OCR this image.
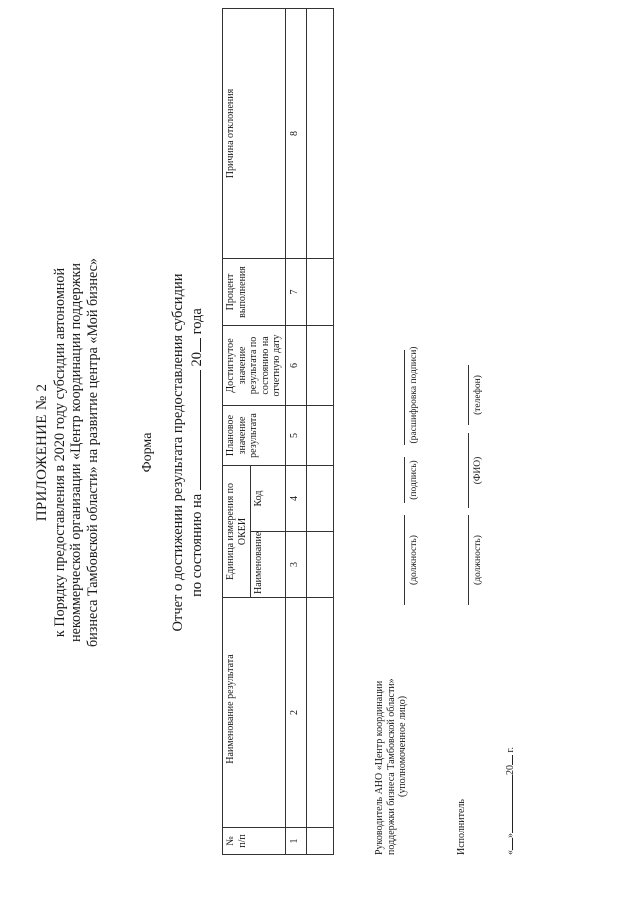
ПРИЛОЖЕНИЕ № 2 к Порядку предоставления в 2020 году субсидии автономной некоммерческой организации «Центр координации поддержки бизнеса Тамбовской области» на развитие центра «Мой бизнес»	Форма Отчет о достижении результата предоставления субсидии по состоянию на  20 года
№ п/п	Наименование результата	Единица измерения по ОКЕИ		Плановое значение результата	Достигнутое значение результата по состоянию на отчетную дату	Процент выполнения	Причина отклонения
		Наименование	Код				
1	2	3	4	5	6	7	8

Руководитель АНО «Центр координации поддержки бизнеса Тамбовской области» (уполномоченное лицо)
(должность)
(подпись)
(расшифровка подписи)
Исполнитель
(должность)
(ФИО)
(телефон)
«»20 г.
